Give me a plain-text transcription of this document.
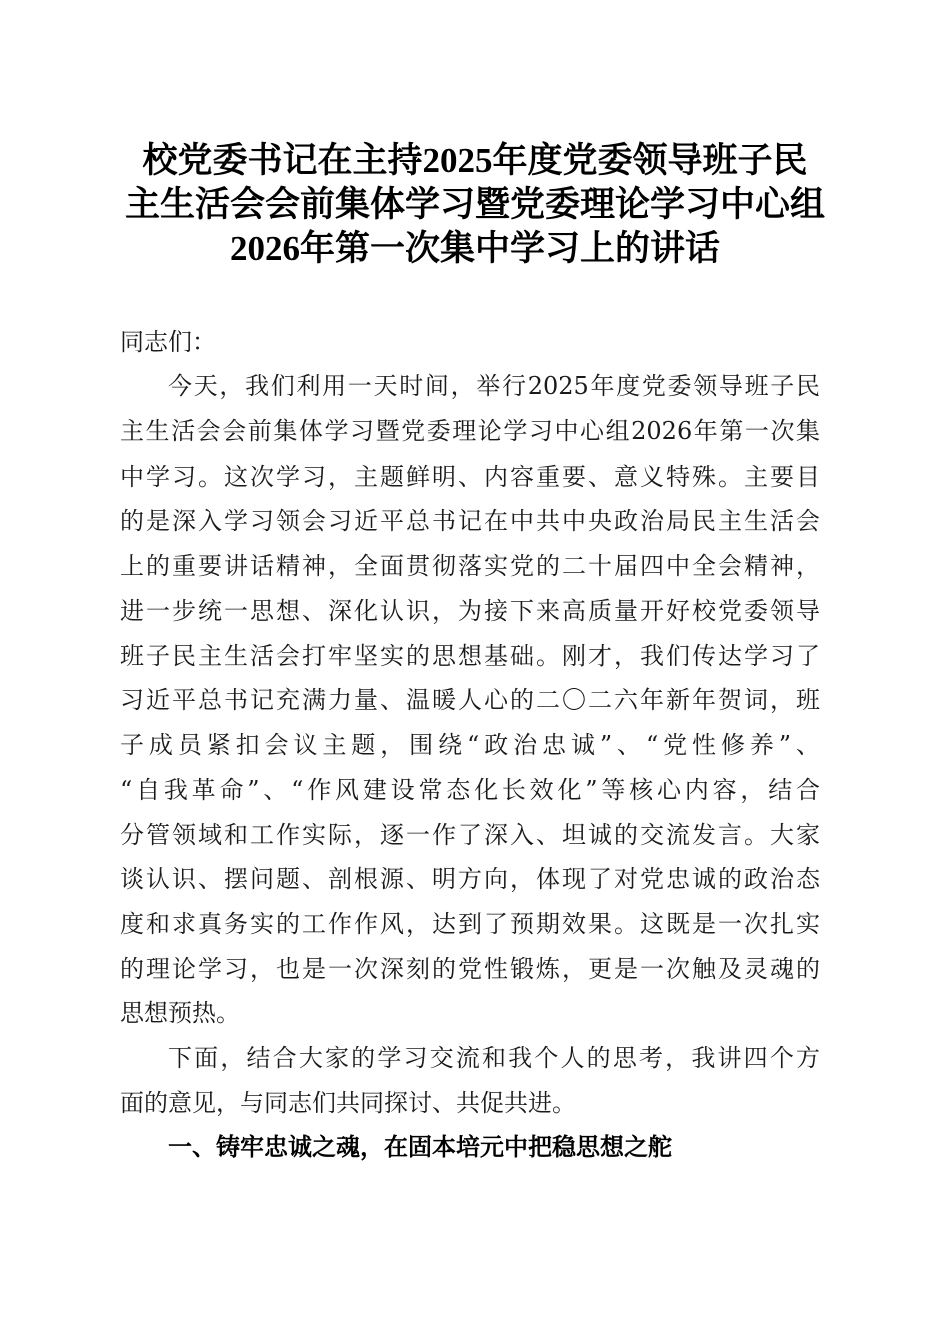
校党委书记在主持2025年度党委领导班子民
主生活会会前集体学习暨党委理论学习中心组
2026年第一次集中学习上的讲话
同志们：
今天，我们利用一天时间，举行2025年度党委领导班子民
主生活会会前集体学习暨党委理论学习中心组2026年第一次集
中学习。这次学习，主题鲜明、内容重要、意义特殊。主要目
的是深入学习领会习近平总书记在中共中央政治局民主生活会
上的重要讲话精神，全面贯彻落实党的二十届四中全会精神，
进一步统一思想、深化认识，为接下来高质量开好校党委领导
班子民主生活会打牢坚实的思想基础。刚才，我们传达学习了
习近平总书记充满力量、温暖人心的二〇二六年新年贺词，班
子成员紧扣会议主题，围绕“政治忠诚”、“党性修养”、
“自我革命”、“作风建设常态化长效化”等核心内容，结合
分管领域和工作实际，逐一作了深入、坦诚的交流发言。大家
谈认识、摆问题、剖根源、明方向，体现了对党忠诚的政治态
度和求真务实的工作作风，达到了预期效果。这既是一次扎实
的理论学习，也是一次深刻的党性锻炼，更是一次触及灵魂的
思想预热。
下面，结合大家的学习交流和我个人的思考，我讲四个方
面的意见，与同志们共同探讨、共促共进。
一、铸牢忠诚之魂，在固本培元中把稳思想之舵
